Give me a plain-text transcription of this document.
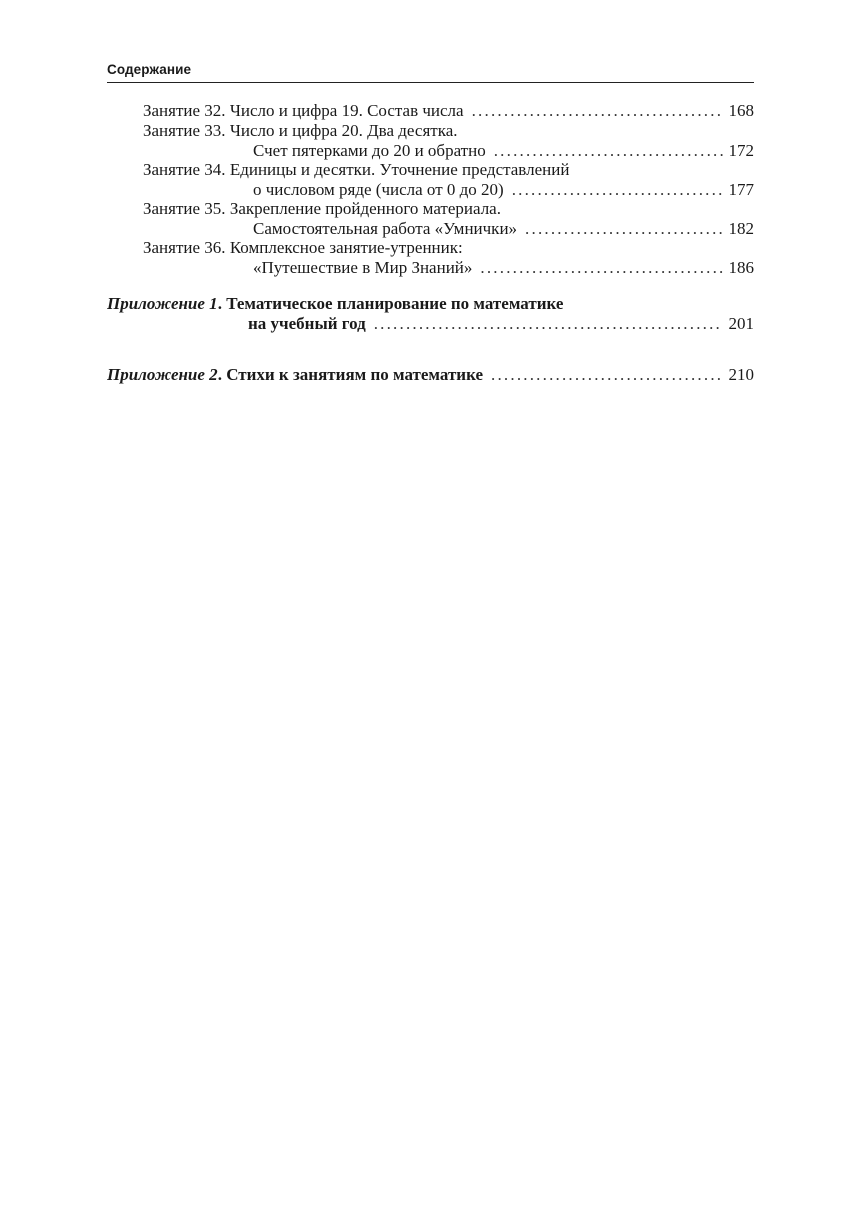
Содержание
Занятие 32. Число и цифра 19. Состав числа .....	168
Занятие 33. Число и цифра 20. Два десятка.
Счет пятерками до 20 и обратно .....	172
Занятие 34. Единицы и десятки. Уточнение представлений
о числовом ряде (числа от 0 до 20) .....	177
Занятие 35. Закрепление пройденного материала.
Самостоятельная работа «Умнички» .....	182
Занятие 36. Комплексное занятие-утренник:
«Путешествие в Мир Знаний» .....	186
Приложение 1. Тематическое планирование по математике
на учебный год .....	201
Приложение 2. Стихи к занятиям по математике .....	210
